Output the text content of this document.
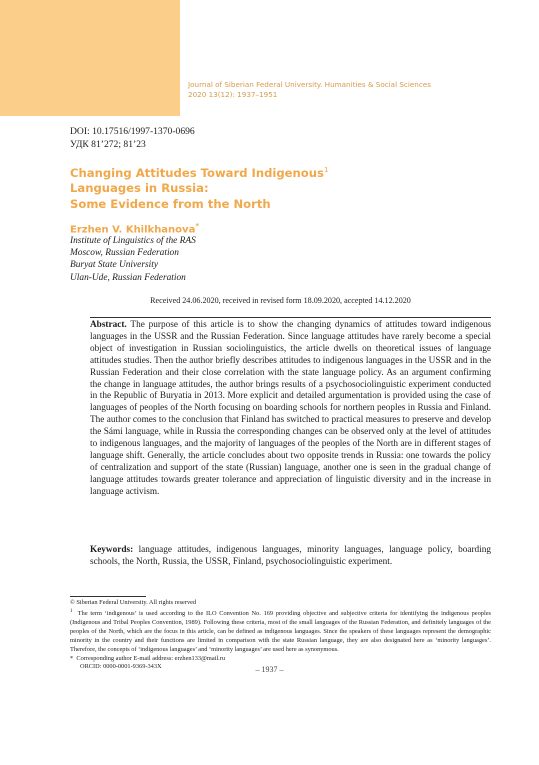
Journal of Siberian Federal University. Humanities & Social Sciences
2020 13(12): 1937–1951
DOI: 10.17516/1997-1370-0696
УДК 81’272; 81’23
Changing Attitudes Toward Indigenous$^1$
Languages in Russia:
Some Evidence from the North
Erzhen V. Khilkhanova*
Institute of Linguistics of the RAS
Moscow, Russian Federation
Buryat State University
Ulan-Ude, Russian Federation
Received 24.06.2020, received in revised form 18.09.2020, accepted 14.12.2020
Abstract. The purpose of this article is to show the changing dynamics of attitudes toward indigenous languages in the USSR and the Russian Federation. Since language attitudes have rarely become a special object of investigation in Russian sociolinguistics, the article dwells on theoretical issues of language attitudes studies. Then the author briefly describes attitudes to indigenous languages in the USSR and in the Russian Federation and their close correlation with the state language policy. As an argument confirming the change in language attitudes, the author brings results of a psychosociolinguistic experiment conducted in the Republic of Buryatia in 2013. More explicit and detailed argumentation is provided using the case of languages of peoples of the North focusing on boarding schools for northern peoples in Russia and Finland. The author comes to the conclusion that Finland has switched to practical measures to preserve and develop the Sámi language, while in Russia the corresponding changes can be observed only at the level of attitudes to indigenous languages, and the majority of languages of the peoples of the North are in different stages of language shift. Generally, the article concludes about two opposite trends in Russia: one towards the policy of centralization and support of the state (Russian) language, another one is seen in the gradual change of language attitudes towards greater tolerance and appreciation of linguistic diversity and in the increase in language activism.
Keywords: language attitudes, indigenous languages, minority languages, language policy, boarding schools, the North, Russia, the USSR, Finland, psychosociolinguistic experiment.
© Siberian Federal University. All rights reserved
$^1$ The term ‘indigenous’ is used according to the ILO Convention No. 169 providing objective and subjective criteria for identifying the indigenous peoples (Indigenous and Tribal Peoples Convention, 1989). Following these criteria, most of the small languages of the Russian Federation, and definitely languages of the peoples of the North, which are the focus in this article, can be defined as indigenous languages. Since the speakers of these languages represent the demographic minority in the country and their functions are limited in comparison with the state Russian language, they are also designated here as ‘minority languages’. Therefore, the concepts of ‘indigenous languages’ and ‘minority languages’ are used here as synonymous.
* Corresponding author E-mail address: erzhen133@mail.ru
ORCID: 0000-0001-9369-343X	– 1937 –
